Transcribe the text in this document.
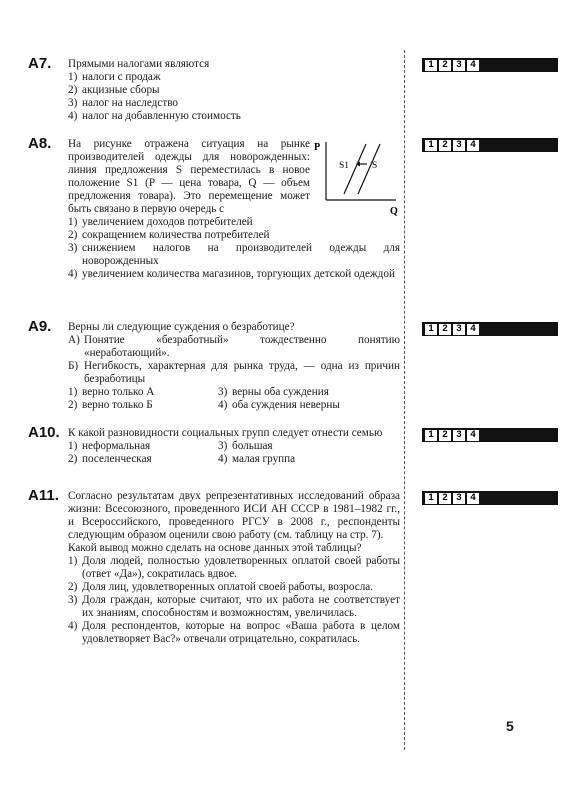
A7.	Прямыми налогами являются
1) налоги с продаж
2) акцизные сборы
3) налог на наследство
4) налог на добавленную стоимость
1 2 3 4
A8.	На рисунке отражена ситуация на рынке производителей одежды для новорожденных: линия предложения S переместилась в новое положение S1 (P — цена товара, Q — объем предложения товара). Это перемещение может быть связано в первую очередь с
1) увеличением доходов потребителей
2) сокращением количества потребителей
3) снижением налогов на производителей одежды для новорожденных
4) увеличением количества магазинов, торгующих детской одеждой
P
Q
S1 S
1 2 3 4
A9.	Верны ли следующие суждения о безработице?
А) Понятие «безработный» тождественно понятию «неработающий».
Б) Негибкость, характерная для рынка труда, — одна из причин безработицы
1) верно только А	3) верны оба суждения
2) верно только Б	4) оба суждения неверны
1 2 3 4
A10. К какой разновидности социальных групп следует отнести семью
1) неформальная	3) большая
2) поселенческая	4) малая группа
1 2 3 4
A11. Согласно результатам двух репрезентативных исследований образа жизни: Всесоюзного, проведенного ИСИ АН СССР в 1981–1982 гг., и Всероссийского, проведенного РГСУ в 2008 г., респонденты следующим образом оценили свою работу (см. таблицу на стр. 7).
Какой вывод можно сделать на основе данных этой таблицы?
1) Доля людей, полностью удовлетворенных оплатой своей работы (ответ «Да»), сократилась вдвое.
2) Доля лиц, удовлетворенных оплатой своей работы, возросла.
3) Доля граждан, которые считают, что их работа не соответствует их знаниям, способностям и возможностям, увеличилась.
4) Доля респондентов, которые на вопрос «Ваша работа в целом удовлетворяет Вас?» отвечали отрицательно, сократилась.
1 2 3 4
5
